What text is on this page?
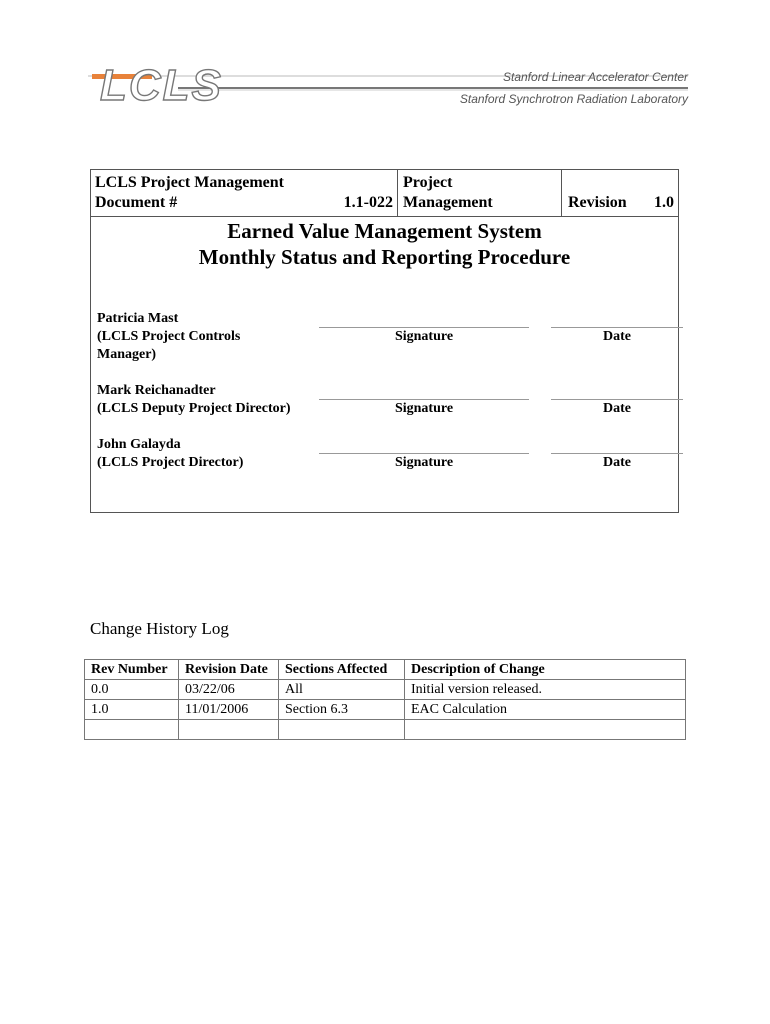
LCLS	Stanford Linear Accelerator Center
Stanford Synchrotron Radiation Laboratory
LCLS Project Management
Document #	1.1-022
Project
Management	Revision 1.0
Earned Value Management System
Monthly Status and Reporting Procedure
Patricia Mast
(LCLS Project Controls
Manager)
Signature	Date
Mark Reichanadter
(LCLS Deputy Project Director)	Signature	Date
John Galayda
(LCLS Project Director)	Signature	Date
Change History Log
Rev Number	Revision Date	Sections Affected	Description of Change
0.0	03/22/06	All	Initial version released.
1.0	11/01/2006	Section 6.3	EAC Calculation
